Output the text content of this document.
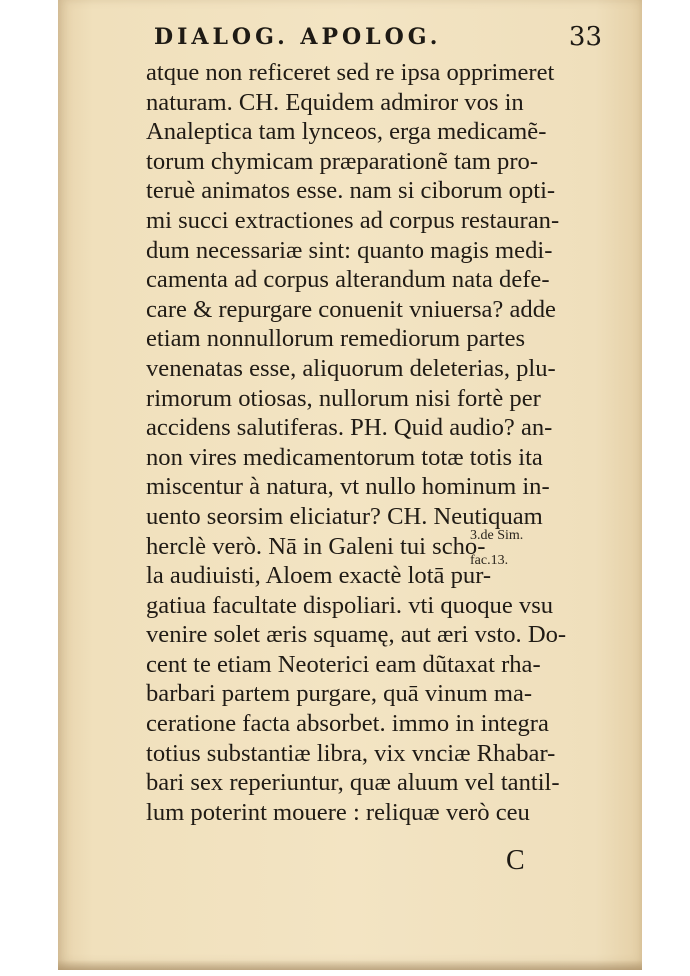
DIALOG. APOLOG.	33
atque non reficeret sed re ipsa opprimeret
naturam. CH. Equidem admiror vos in
Analeptica tam lynceos, erga medicamẽ-
torum chymicam præparationẽ tam pro-
teruè animatos esse. nam si ciborum opti-
mi succi extractiones ad corpus restauran-
dum necessariæ sint: quanto magis medi-
camenta ad corpus alterandum nata defe-
care & repurgare conuenit vniuersa? adde
etiam nonnullorum remediorum partes
venenatas esse, aliquorum deleterias, plu-
rimorum otiosas, nullorum nisi fortè per
accidens salutiferas. PH. Quid audio? an-
non vires medicamentorum totæ totis ita
miscentur à natura, vt nullo hominum in-
uento seorsim eliciatur? CH. Neutiquam
herclè verò. Nā in Galeni tui scho-
la audiuisti, Aloem exactè lotā pur-
gatiua facultate dispoliari. vti quoque vsu
venire solet æris squamę, aut æri vsto. Do-
cent te etiam Neoterici eam dũtaxat rha-
barbari partem purgare, quā vinum ma-
ceratione facta absorbet. immo in integra
totius substantiæ libra, vix vnciæ Rhabar-
bari sex reperiuntur, quæ aluum vel tantil-
lum poterint mouere : reliquæ verò ceu
3.de Sim.
fac.13.
C
